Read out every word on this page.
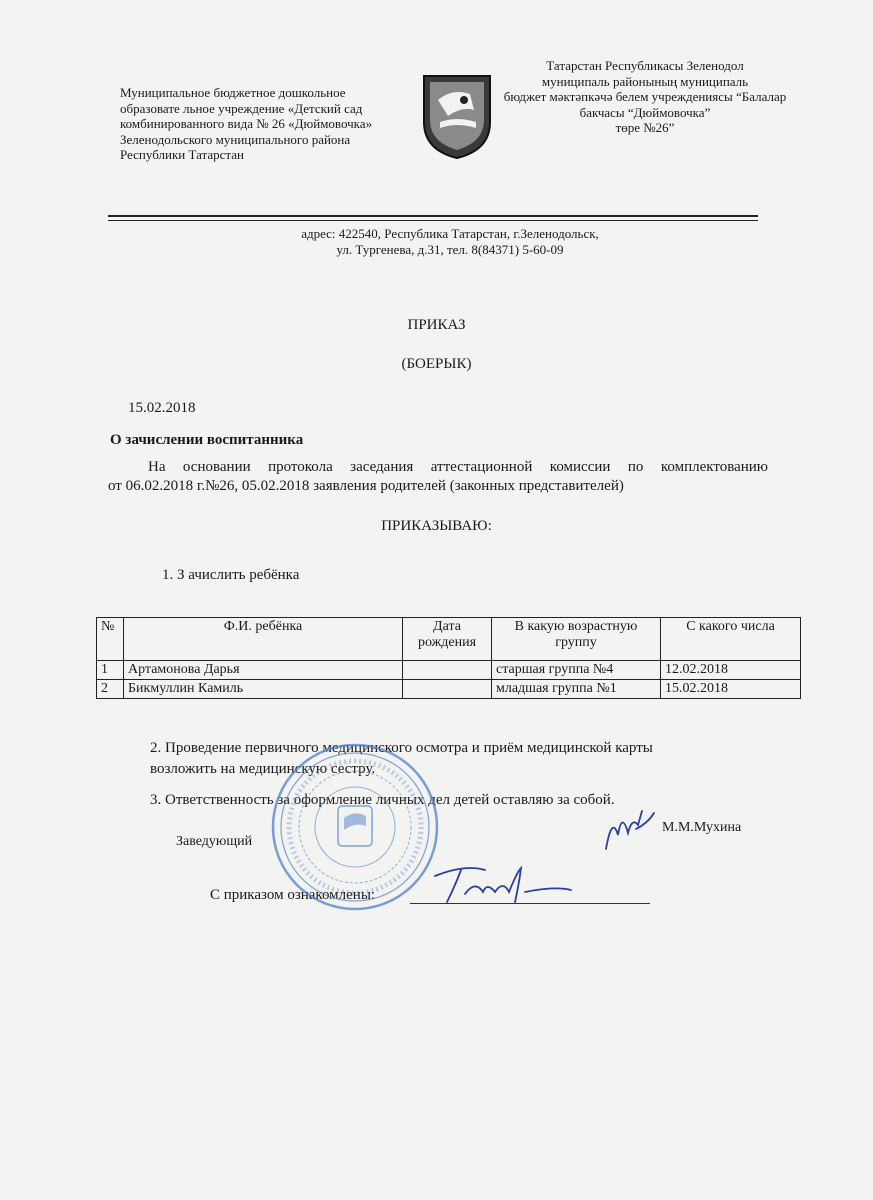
Муниципальное бюджетное дошкольное
образовате льное учреждение «Детский сад
комбинированного вида № 26 «Дюймовочка»
Зеленодольского муниципального района
Республики Татарстан
Татарстан Республикасы Зеленодол
муниципаль районының муниципаль
бюджет мәктәпкәчә белем учреждениясы “Балалар
бакчасы “Дюймовочка”
төре №26”
адрес: 422540, Республика Татарстан, г.Зеленодольск,
ул. Тургенева, д.31, тел. 8(84371) 5-60-09
ПРИКАЗ
(БОЕРЫК)
15.02.2018
О зачислении воспитанника
На основании протокола заседания аттестационной комиссии по комплектованию
от 06.02.2018 г.№26, 05.02.2018 заявления родителей (законных представителей)
ПРИКАЗЫВАЮ:
1. З ачислить ребёнка
№	Ф.И. ребёнка	Дата рождения	В какую возрастную группу	С какого числа
1	Артамонова Дарья		старшая группа №4	12.02.2018
2	Бикмуллин Камиль		младшая группа №1	15.02.2018
2. Проведение первичного медицинского осмотра и приём медицинской карты
возложить на медицинскую сестру.
3. Ответственность за оформление личных дел детей оставляю за собой.
Заведующий
М.М.Мухина
С приказом ознакомлены:
